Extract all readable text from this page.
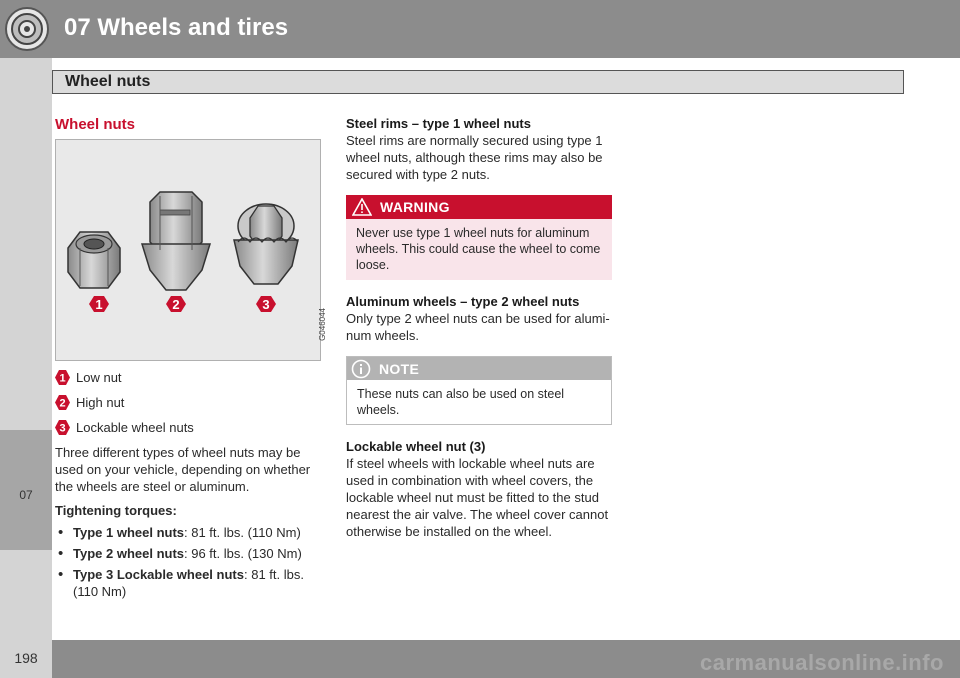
07 Wheels and tires
Wheel nuts
07
198	carmanualsonline.info
Wheel nuts
1	2	3
G046044
1 Low nut
2 High nut
3 Lockable wheel nuts

Three different types of wheel nuts may be used on your vehicle, depending on whether the wheels are steel or aluminum.

Tightening torques:
•
Type 1 wheel nuts: 81 ft. lbs. (110 Nm)
•
Type 2 wheel nuts: 96 ft. lbs. (130 Nm)
•
Type 3 Lockable wheel nuts: 81 ft. lbs. (110 Nm)
Steel rims – type 1 wheel nuts

Steel rims are normally secured using type 1 wheel nuts, although these rims may also be secured with type 2 nuts.

WARNING
Never use type 1 wheel nuts for aluminum wheels. This could cause the wheel to come loose.
Aluminum wheels – type 2 wheel nuts

Only type 2 wheel nuts can be used for alumi-num wheels.

NOTE
These nuts can also be used on steel wheels.
Lockable wheel nut (3)

If steel wheels with lockable wheel nuts are used in combination with wheel covers, the lockable wheel nut must be fitted to the stud nearest the air valve. The wheel cover cannot otherwise be installed on the wheel.
